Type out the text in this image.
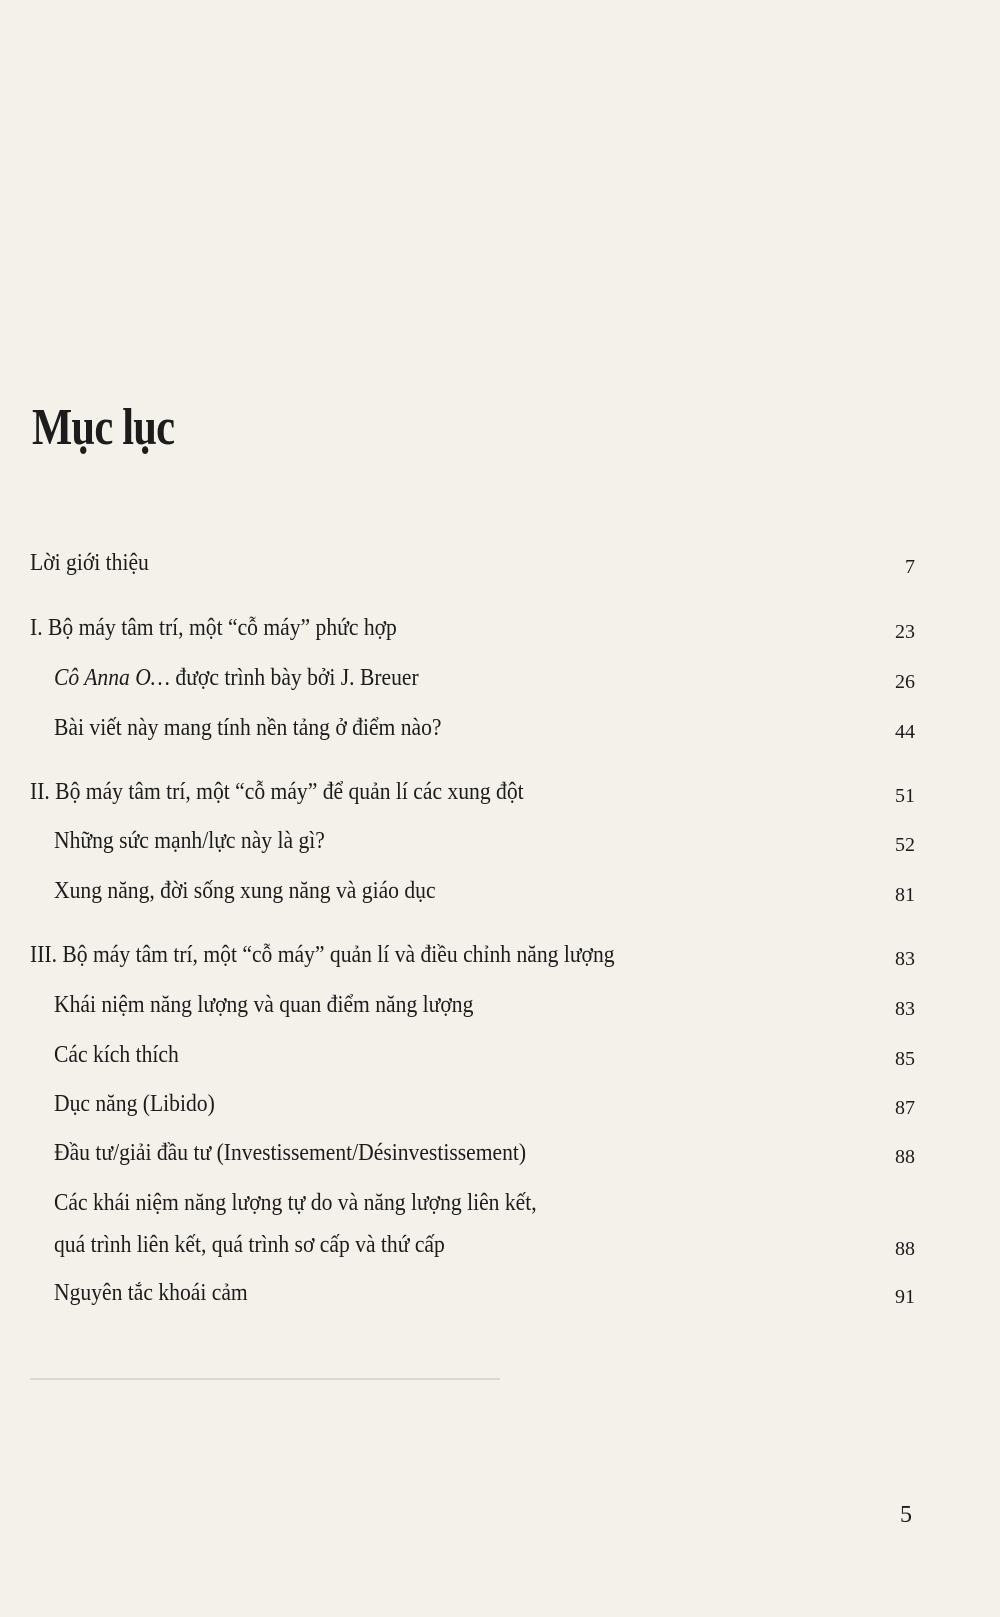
Mục lục
Lời giới thiệu	7
I. Bộ máy tâm trí, một “cỗ máy” phức hợp	23
Cô Anna O… được trình bày bởi J. Breuer	26
Bài viết này mang tính nền tảng ở điểm nào?	44
II. Bộ máy tâm trí, một “cỗ máy” để quản lí các xung đột	51
Những sức mạnh/lực này là gì?	52
Xung năng, đời sống xung năng và giáo dục	81
III. Bộ máy tâm trí, một “cỗ máy” quản lí và điều chỉnh năng lượng	83
Khái niệm năng lượng và quan điểm năng lượng	83
Các kích thích	85
Dục năng (Libido)	87
Đầu tư/giải đầu tư (Investissement/Désinvestissement)	88
Các khái niệm năng lượng tự do và năng lượng liên kết,
quá trình liên kết, quá trình sơ cấp và thứ cấp	88
Nguyên tắc khoái cảm	91
5
